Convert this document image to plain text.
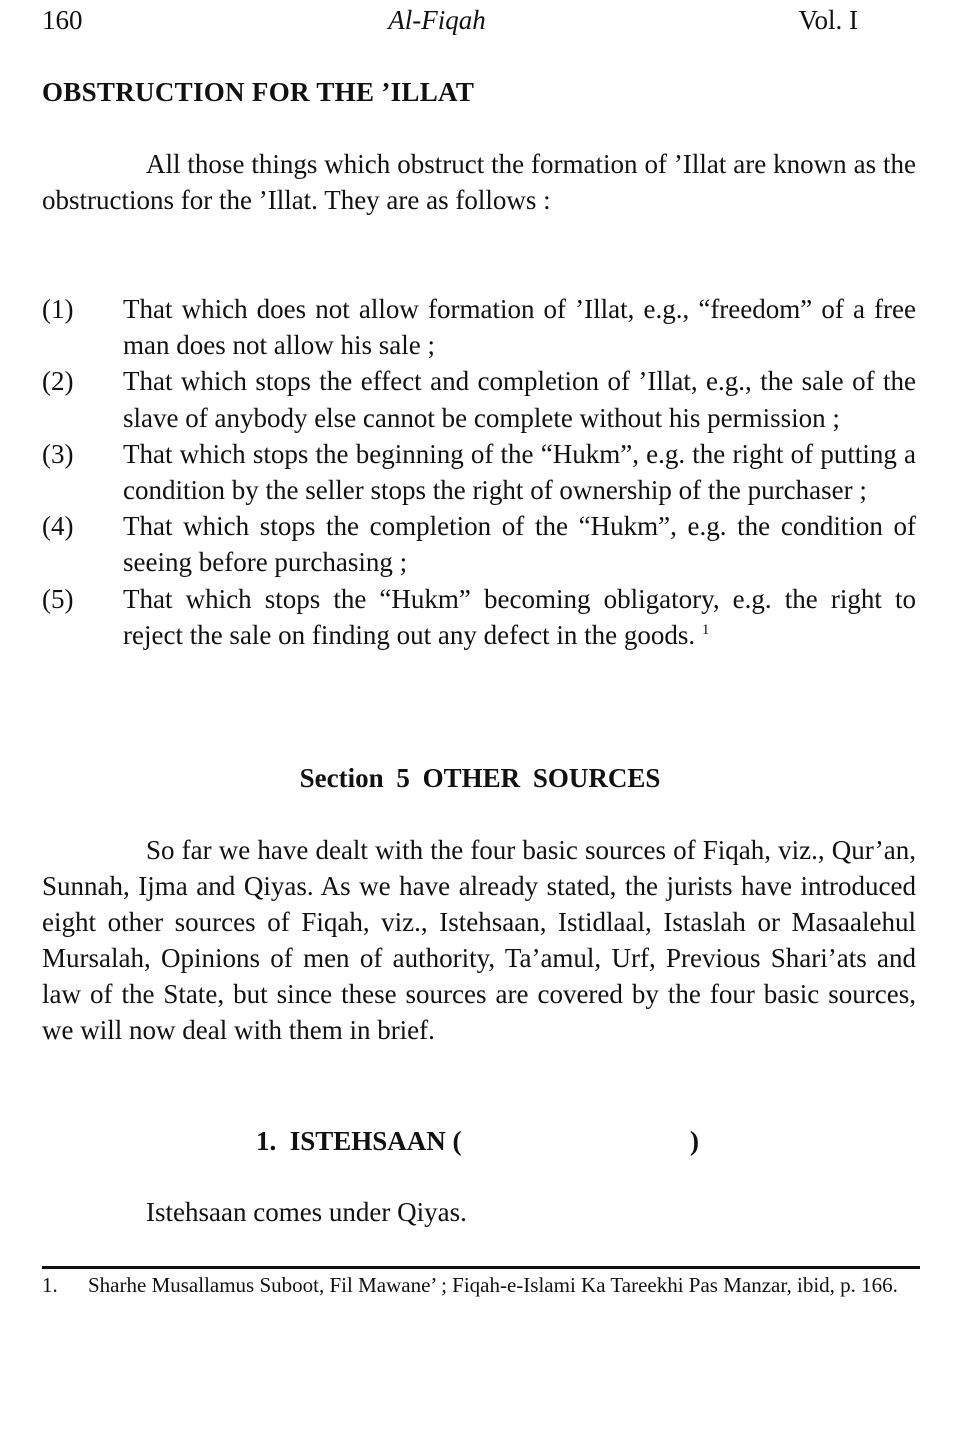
160	Al-Fiqah	Vol. I
OBSTRUCTION FOR THE ’ILLAT
All those things which obstruct the formation of ’Illat are known as the obstructions for the ’Illat. They are as follows :
(1) That which does not allow formation of ’Illat, e.g., “freedom” of a free man does not allow his sale ;
(2) That which stops the effect and completion of ’Illat, e.g., the sale of the slave of anybody else cannot be complete without his permission ;
(3) That which stops the beginning of the “Hukm”, e.g. the right of putting a condition by the seller stops the right of ownership of the purchaser ;
(4) That which stops the completion of the “Hukm”, e.g. the condition of seeing before purchasing ;
(5) That which stops the “Hukm” becoming obligatory, e.g. the right to reject the sale on finding out any defect in the goods. $^1$
Section 5 OTHER SOURCES
So far we have dealt with the four basic sources of Fiqah, viz., Qur’an, Sunnah, Ijma and Qiyas. As we have already stated, the jurists have introduced eight other sources of Fiqah, viz., Istehsaan, Istidlaal, Istaslah or Masaalehul Mursalah, Opinions of men of authority, Ta’amul, Urf, Previous Shari’ats and law of the State, but since these sources are covered by the four basic sources, we will now deal with them in brief.
1.  ISTEHSAAN (	)
Istehsaan comes under Qiyas.
1. Sharhe Musallamus Suboot, Fil Mawane’ ; Fiqah-e-Islami Ka Tareekhi Pas Manzar, ibid, p. 166.
